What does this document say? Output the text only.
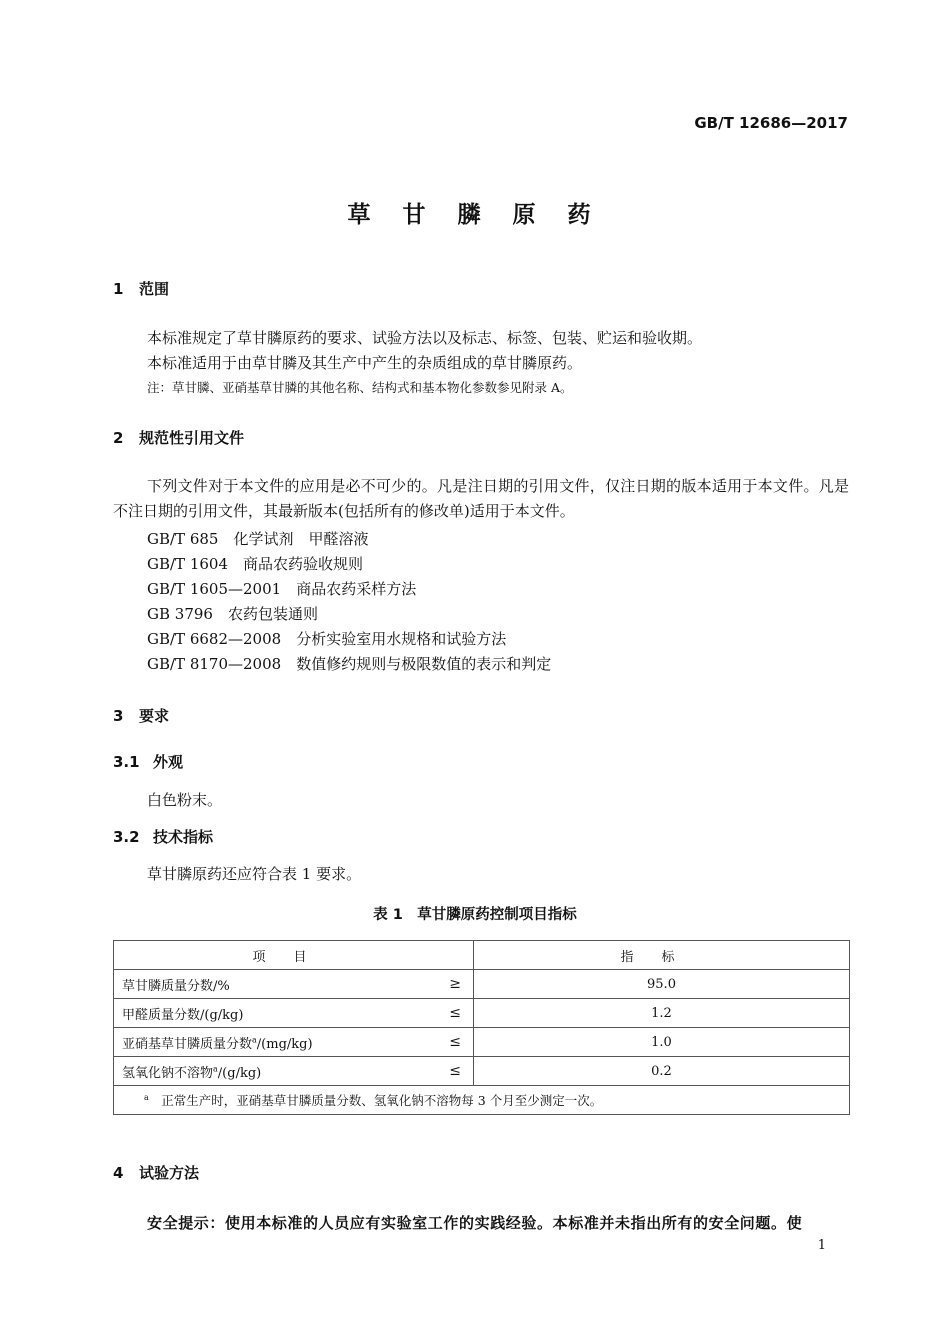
GB/T 12686—2017
草 甘 膦 原 药
1 范围
本标准规定了草甘膦原药的要求、试验方法以及标志、标签、包装、贮运和验收期。
本标准适用于由草甘膦及其生产中产生的杂质组成的草甘膦原药。
注：草甘膦、亚硝基草甘膦的其他名称、结构式和基本物化参数参见附录 A。
2 规范性引用文件
下列文件对于本文件的应用是必不可少的。凡是注日期的引用文件，仅注日期的版本适用于本文件。凡是不注日期的引用文件，其最新版本(包括所有的修改单)适用于本文件。
GB/T 685　 化学试剂　甲醛溶液
GB/T 1604　 商品农药验收规则
GB/T 1605—2001　 商品农药采样方法
GB 3796　 农药包装通则
GB/T 6682—2008　 分析实验室用水规格和试验方法
GB/T 8170—2008　 数值修约规则与极限数值的表示和判定
3 要求
3.1 外观
白色粉末。
3.2 技术指标
草甘膦原药还应符合表 1 要求。
表 1　草甘膦原药控制项目指标
项目	指标
草甘膦质量分数/% ≥	95.0
甲醛质量分数/(g/kg) ≤	1.2
亚硝基草甘膦质量分数$^a$/(mg/kg) ≤	1.0
氢氧化钠不溶物$^a$/(g/kg) ≤	0.2
$^a$　 正常生产时，亚硝基草甘膦质量分数、氢氧化钠不溶物每 3 个月至少测定一次。	
4 试验方法
安全提示：使用本标准的人员应有实验室工作的实践经验。本标准并未指出所有的安全问题。使
1
